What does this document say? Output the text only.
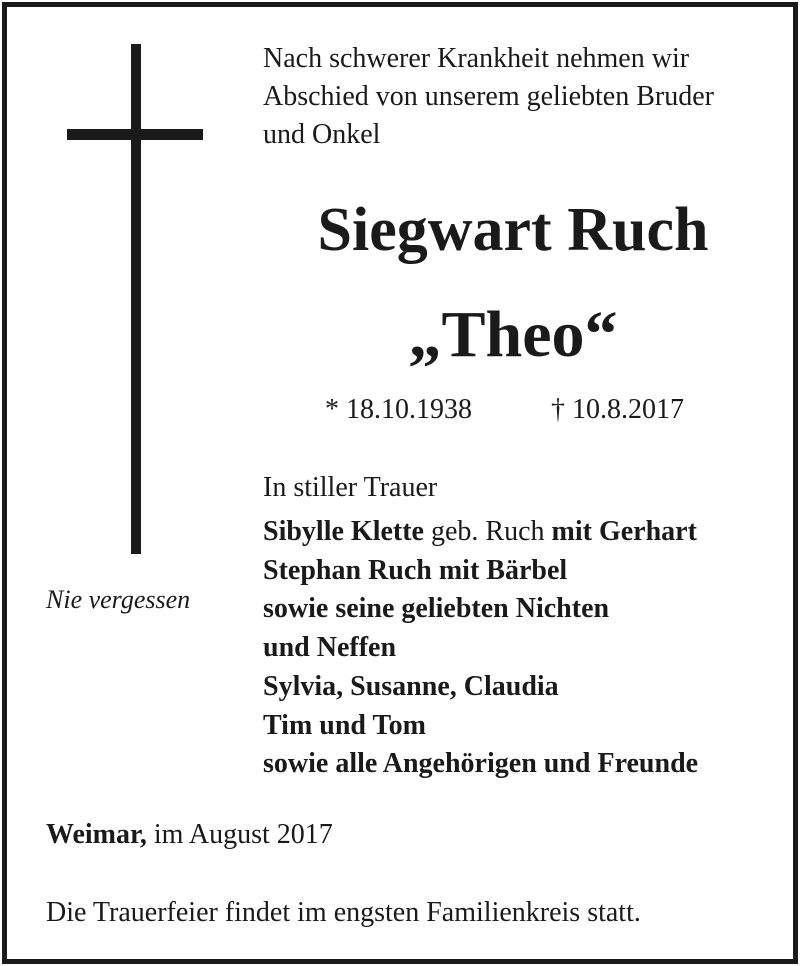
Nie vergessen
Nach schwerer Krankheit nehmen wir
Abschied von unserem geliebten Bruder
und Onkel
Siegwart Ruch
„Theo“
* 18.10.1938	† 10.8.2017
In stiller Trauer
Sibylle Klette geb. Ruch mit Gerhart
Stephan Ruch mit Bärbel
sowie seine geliebten Nichten
und Neffen
Sylvia, Susanne, Claudia
Tim und Tom
sowie alle Angehörigen und Freunde
Weimar, im August 2017
Die Trauerfeier findet im engsten Familienkreis statt.
